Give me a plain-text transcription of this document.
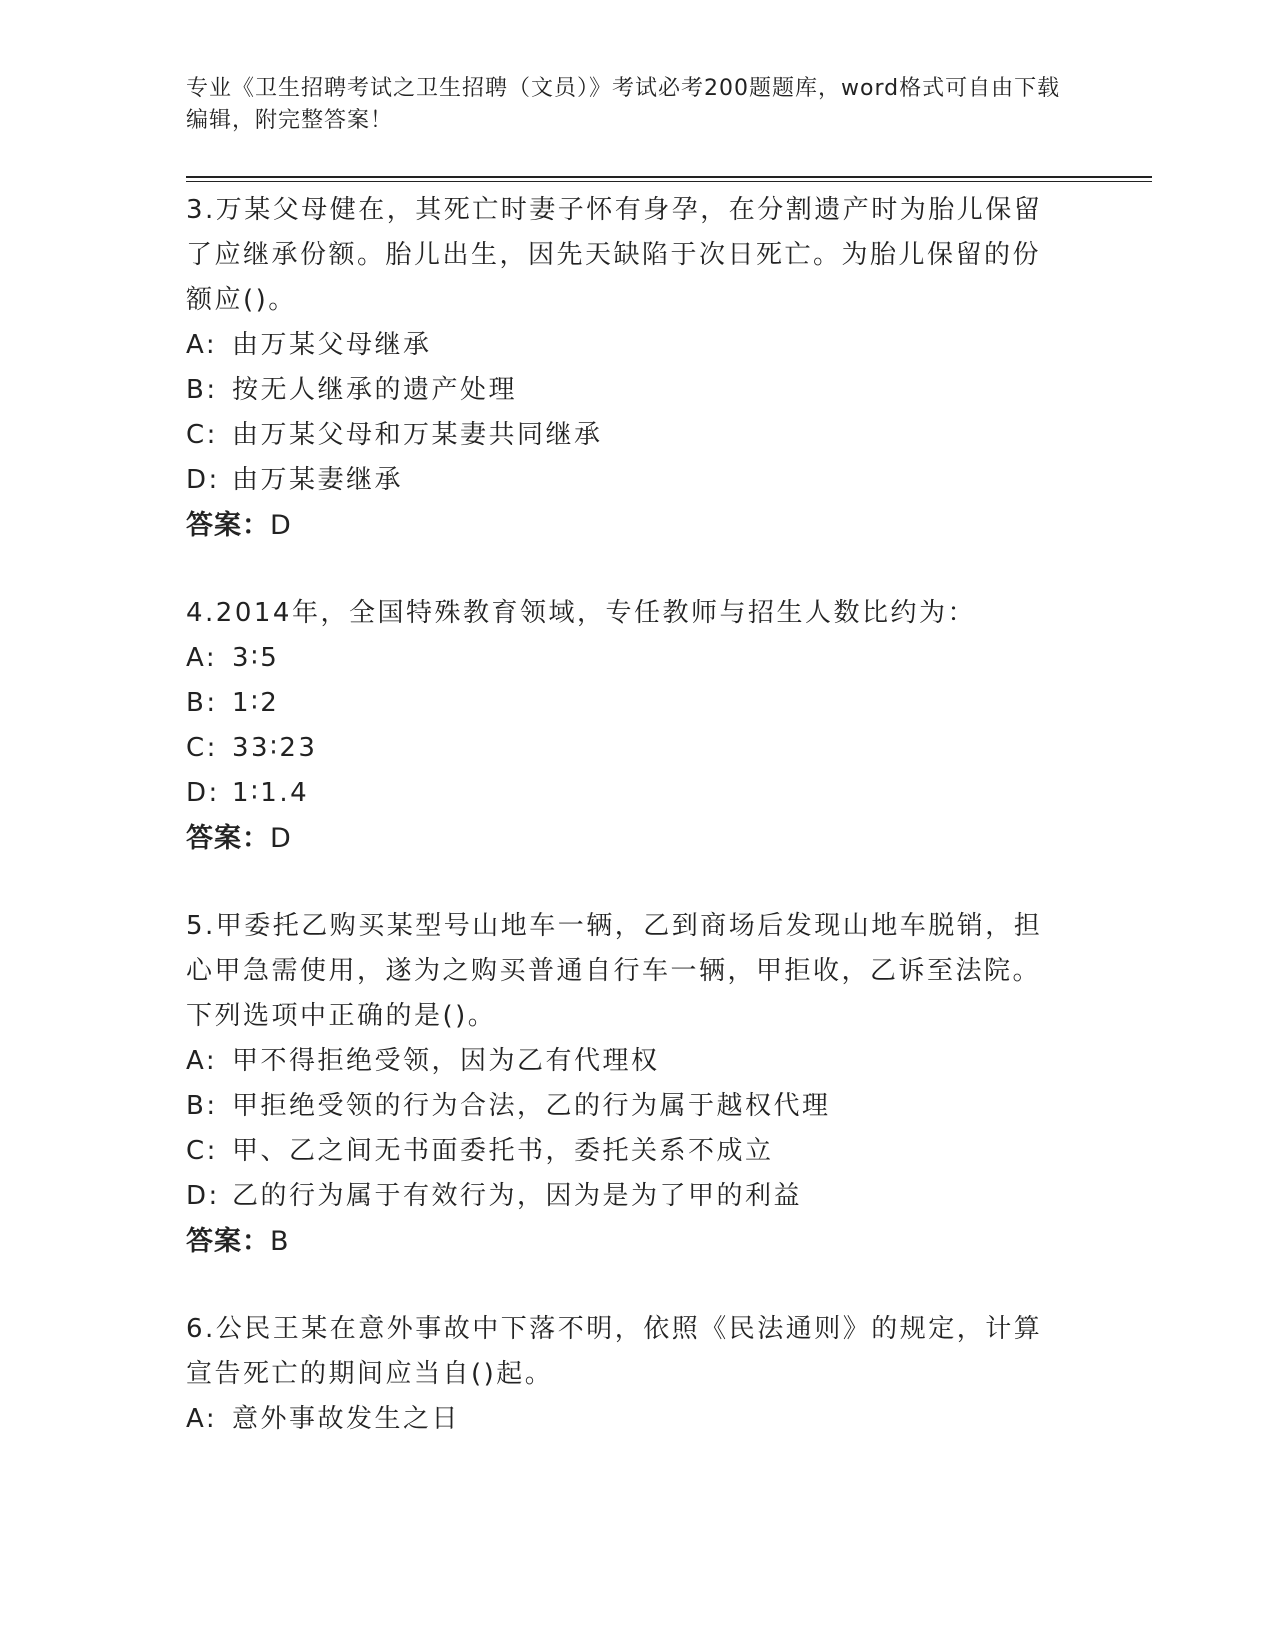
专业《卫生招聘考试之卫生招聘（文员）》考试必考200题题库，word格式可自由下载编辑，附完整答案！

3.万某父母健在，其死亡时妻子怀有身孕，在分割遗产时为胎儿保留了应继承份额。胎儿出生，因先天缺陷于次日死亡。为胎儿保留的份额应()。

A: 由万某父母继承
B: 按无人继承的遗产处理
C: 由万某父母和万某妻共同继承
D: 由万某妻继承
答案：D

4.2014年，全国特殊教育领域，专任教师与招生人数比约为：

A: 3∶5
B: 1∶2
C: 33∶23
D: 1∶1.4
答案：D

5.甲委托乙购买某型号山地车一辆，乙到商场后发现山地车脱销，担心甲急需使用，遂为之购买普通自行车一辆，甲拒收，乙诉至法院。下列选项中正确的是()。

A: 甲不得拒绝受领，因为乙有代理权
B: 甲拒绝受领的行为合法，乙的行为属于越权代理
C: 甲、乙之间无书面委托书，委托关系不成立
D: 乙的行为属于有效行为，因为是为了甲的利益
答案：B

6.公民王某在意外事故中下落不明，依照《民法通则》的规定，计算宣告死亡的期间应当自()起。

A: 意外事故发生之日
